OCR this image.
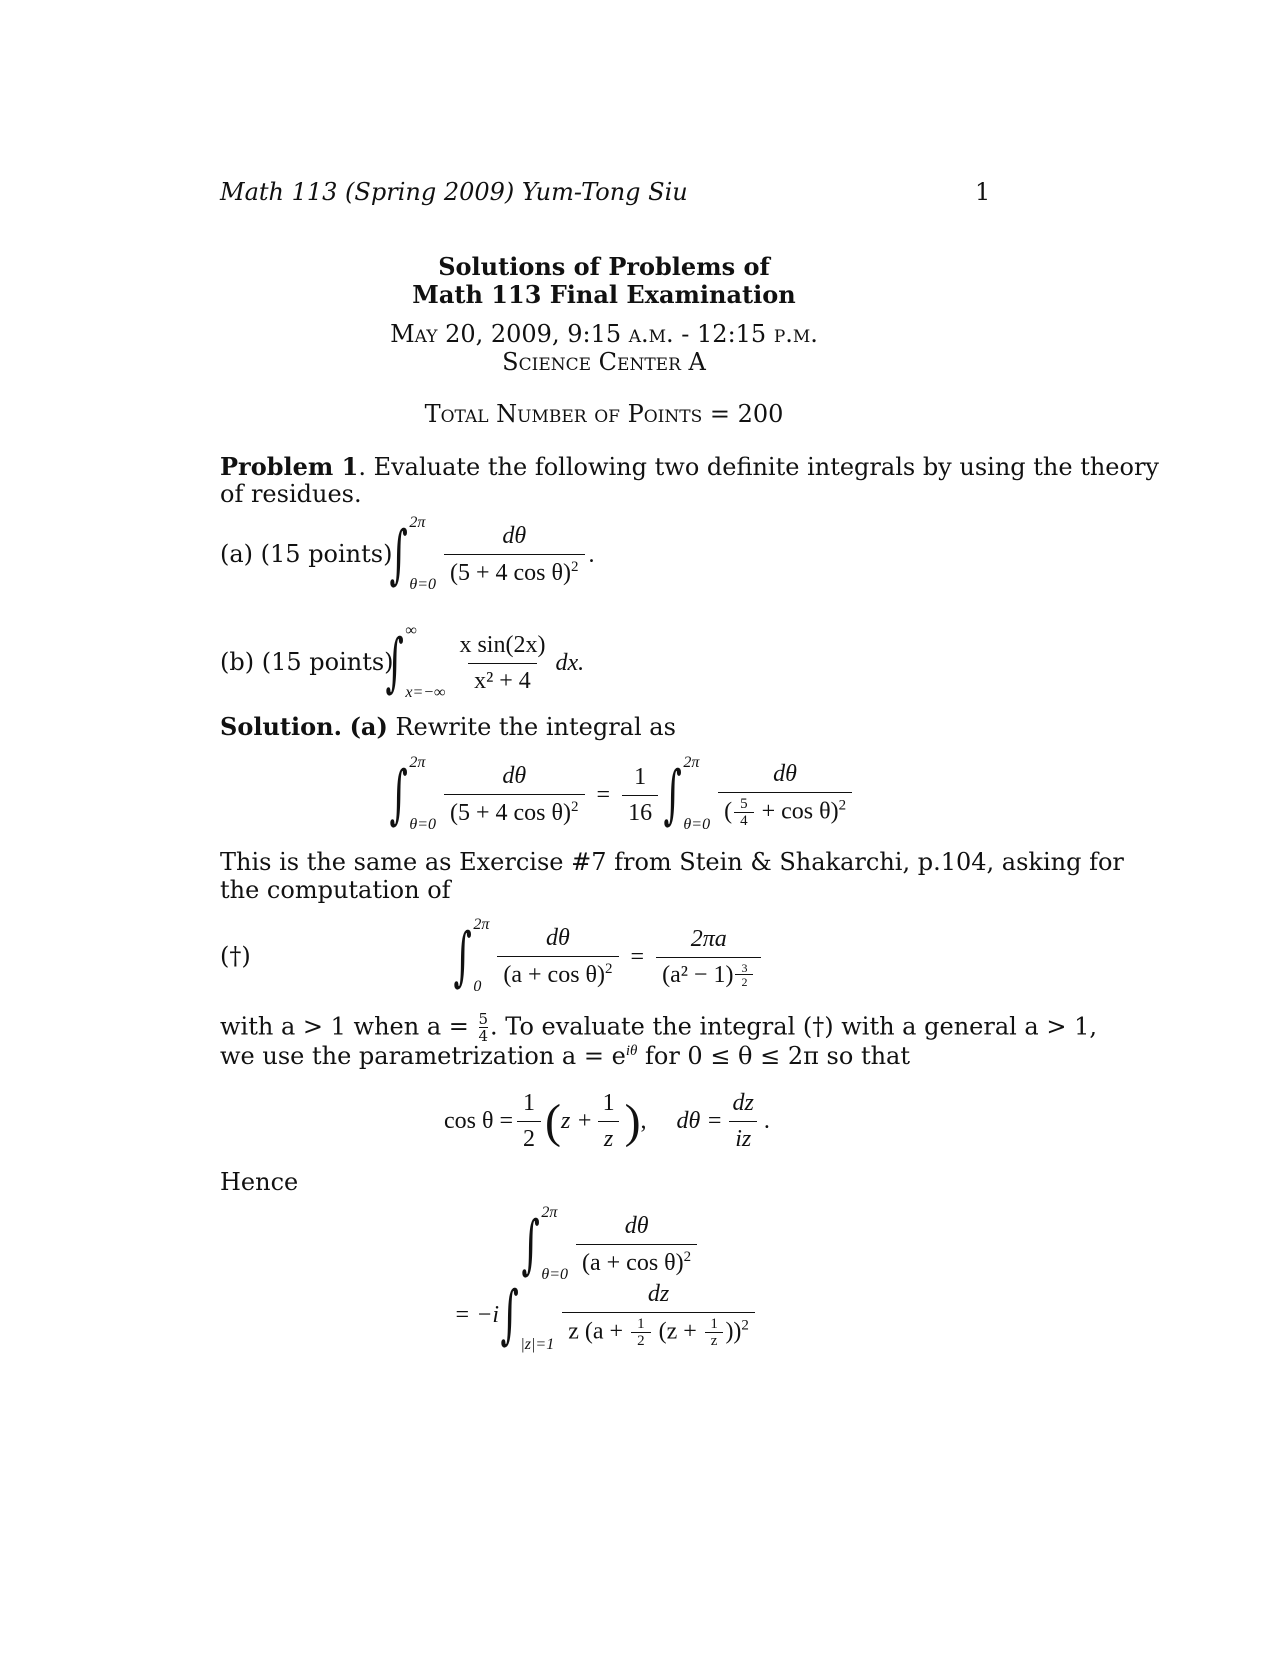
Math 113 (Spring 2009) Yum-Tong Siu	1
Solutions of Problems of
Math 113 Final Examination
May 20, 2009, 9:15 a.m. - 12:15 p.m.
Science Center A
Total Number of Points = 200
Problem 1. Evaluate the following two definite integrals by using the theory
of residues.
(a) (15 points)
∫ 2π
$\theta=0 \frac{d\theta}{(5 + 4 \cos \theta)^2}$ .
(b) (15 points)
∫ ∞
$x=-\infty \frac{\text{x sin(2x)}}{\text{x² + 4}}$ dx.
Solution. (a) Rewrite the integral as
∫ 2π
$\theta=0 \frac{d\theta}{(5 + 4 \cos \theta)^2} = \frac{1}{16}$ ∫ 2π
$\theta=0 \frac{d\theta}{( \frac{5}{4} + \cos \theta)^2}$
This is the same as Exercise #7 from Stein & Shakarchi, p.104, asking for
the computation of
(†)	∫ 2π
$0 \frac{d\theta}{(a + \cos \theta)^2} = \frac{2\pi a}{(a^2 - 1) \frac{3}{2}}$
with a > 1 when $a = \frac{5}{4}$ . To evaluate the integral (†) with a general a > 1,
we use the parametrization $a = e^{i\theta}$ for 0 ≤ θ ≤ 2π so that
$\cos \theta = \frac{1}{2}$ ( $z + \frac{1}{z}$ ) , $d\theta = \frac{dz}{iz}$ .
Hence
∫ 2π
$\theta=0 \frac{d\theta}{(a + \cos \theta)^2}$
= −i ∫ $|z|=1 \frac{dz}{z (a + \frac{1}{2} (z + \frac{1}{z} ))^2}$
